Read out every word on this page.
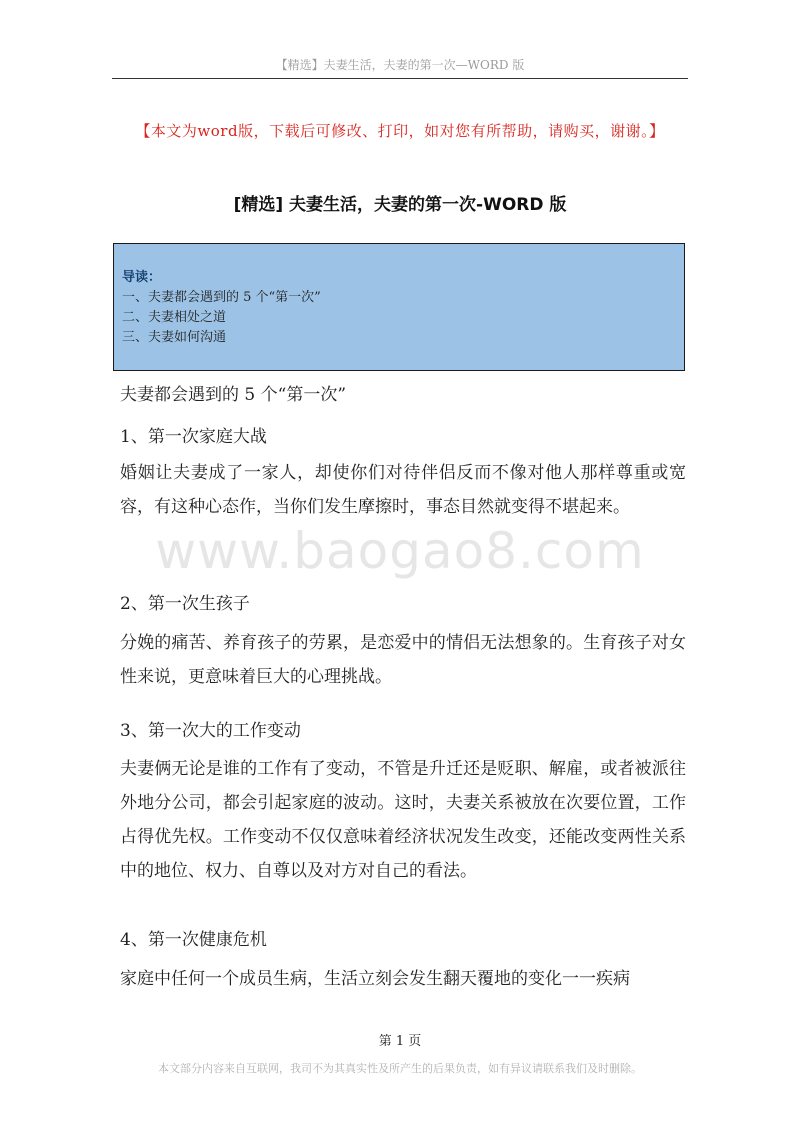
【精选】夫妻生活，夫妻的第一次—WORD 版
【本文为word版，下载后可修改、打印，如对您有所帮助，请购买，谢谢。】
[精选] 夫妻生活，夫妻的第一次-WORD 版
导读：
一、夫妻都会遇到的 5 个“第一次”
二、夫妻相处之道
三、夫妻如何沟通
www.baogao8.com
夫妻都会遇到的 5 个“第一次”
1、第一次家庭大战
婚姻让夫妻成了一家人，却使你们对待伴侣反而不像对他人那样尊重或宽容，有这种心态作，当你们发生摩擦时，事态目然就变得不堪起来。
2、第一次生孩子
分娩的痛苦、养育孩子的劳累，是恋爱中的情侣无法想象的。生育孩子对女性来说，更意味着巨大的心理挑战。
3、第一次大的工作变动
夫妻俩无论是谁的工作有了变动，不管是升迁还是贬职、解雇，或者被派往外地分公司，都会引起家庭的波动。这时，夫妻关系被放在次要位置，工作占得优先权。工作变动不仅仅意味着经济状况发生改变，还能改变两性关系中的地位、权力、自尊以及对方对自己的看法。
4、第一次健康危机
家庭中任何一个成员生病，生活立刻会发生翻天覆地的变化一一疾病
第 1 页
本文部分内容来自互联网，我司不为其真实性及所产生的后果负责，如有异议请联系我们及时删除。
